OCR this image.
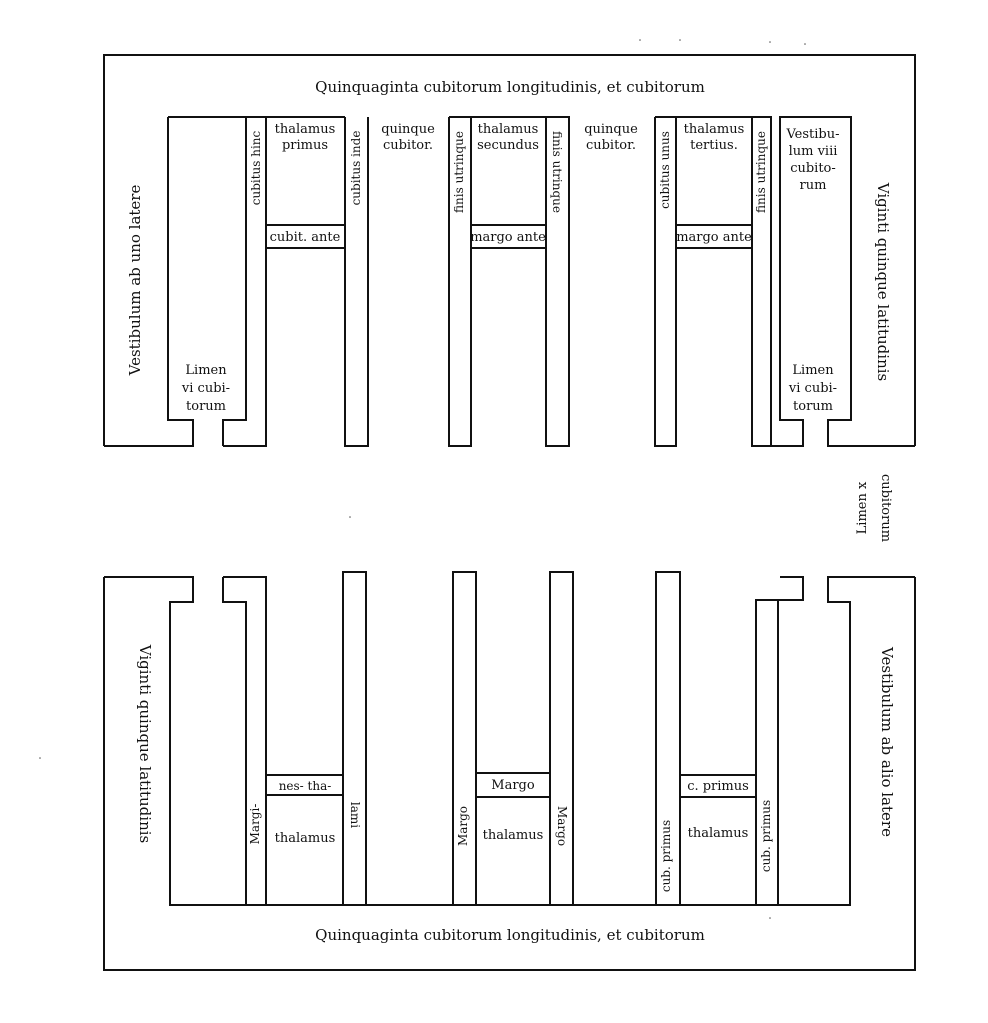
Quinquaginta cubitorum longitudinis, et cubitorum
Vestibulum ab uno latere	Viginti quinque latitudinis
Limen
vi cubi-
torum
Limen
vi cubi-
torum
Vestibu-
lum viii
cubito-
rum
cubitus hinc
thalamus
primus cubitus inde
cubit. ante
quinque
cubitor. finis utrinque
thalamus
secundus finis utrinque
margo ante
quinque
cubitor. cubitus unus
thalamus
tertius. finis utrinque
margo ante
Limen x cubitorum
Quinquaginta cubitorum longitudinis, et cubitorum
Viginti quinque latitudinis	Vestibulum ab alio latere
Margi-
nes- tha-
lami
thalamus	Margo
Margo
thalamus Margo	cub. primus
c. primus
thalamus cub. primus
